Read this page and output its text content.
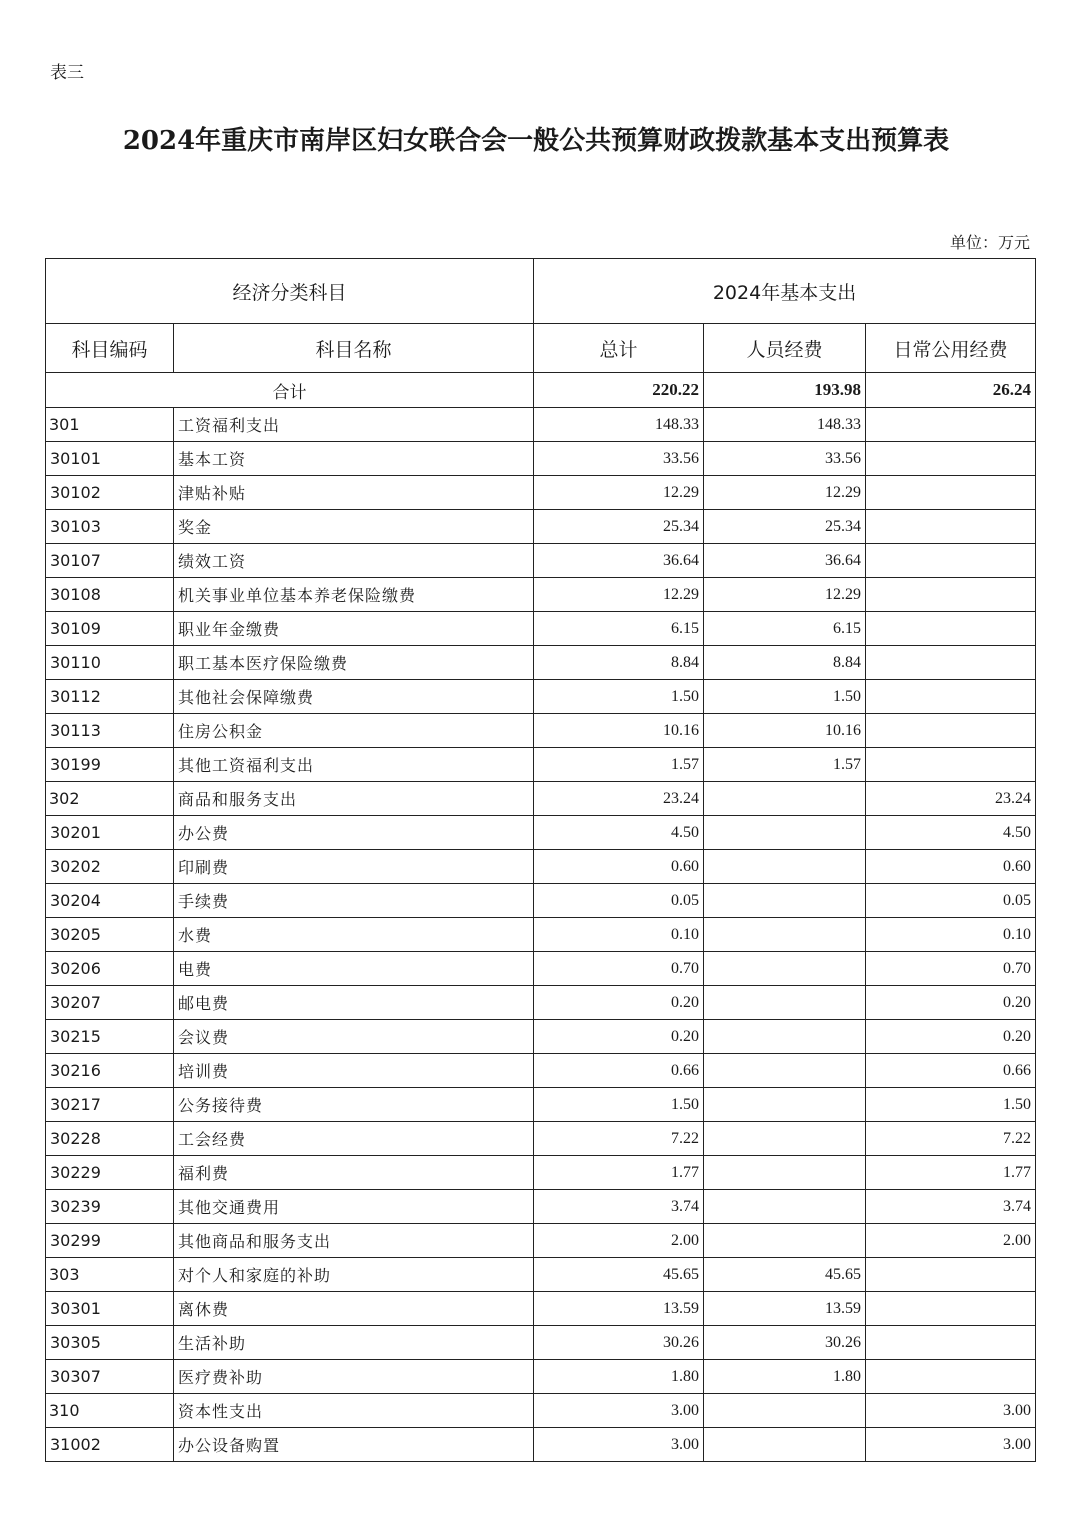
表三
2024年重庆市南岸区妇女联合会一般公共预算财政拨款基本支出预算表
单位：万元
经济分类科目		2024年基本支出		
科目编码	科目名称	总计	人员经费	日常公用经费
合计		220.22	193.98	26.24
301	工资福利支出	148.33	148.33	
30101	基本工资	33.56	33.56	
30102	津贴补贴	12.29	12.29	
30103	奖金	25.34	25.34	
30107	绩效工资	36.64	36.64	
30108	机关事业单位基本养老保险缴费	12.29	12.29	
30109	职业年金缴费	6.15	6.15	
30110	职工基本医疗保险缴费	8.84	8.84	
30112	其他社会保障缴费	1.50	1.50	
30113	住房公积金	10.16	10.16	
30199	其他工资福利支出	1.57	1.57	
302	商品和服务支出	23.24		23.24
30201	办公费	4.50		4.50
30202	印刷费	0.60		0.60
30204	手续费	0.05		0.05
30205	水费	0.10		0.10
30206	电费	0.70		0.70
30207	邮电费	0.20		0.20
30215	会议费	0.20		0.20
30216	培训费	0.66		0.66
30217	公务接待费	1.50		1.50
30228	工会经费	7.22		7.22
30229	福利费	1.77		1.77
30239	其他交通费用	3.74		3.74
30299	其他商品和服务支出	2.00		2.00
303	对个人和家庭的补助	45.65	45.65	
30301	离休费	13.59	13.59	
30305	生活补助	30.26	30.26	
30307	医疗费补助	1.80	1.80	
310	资本性支出	3.00		3.00
31002	办公设备购置	3.00		3.00
